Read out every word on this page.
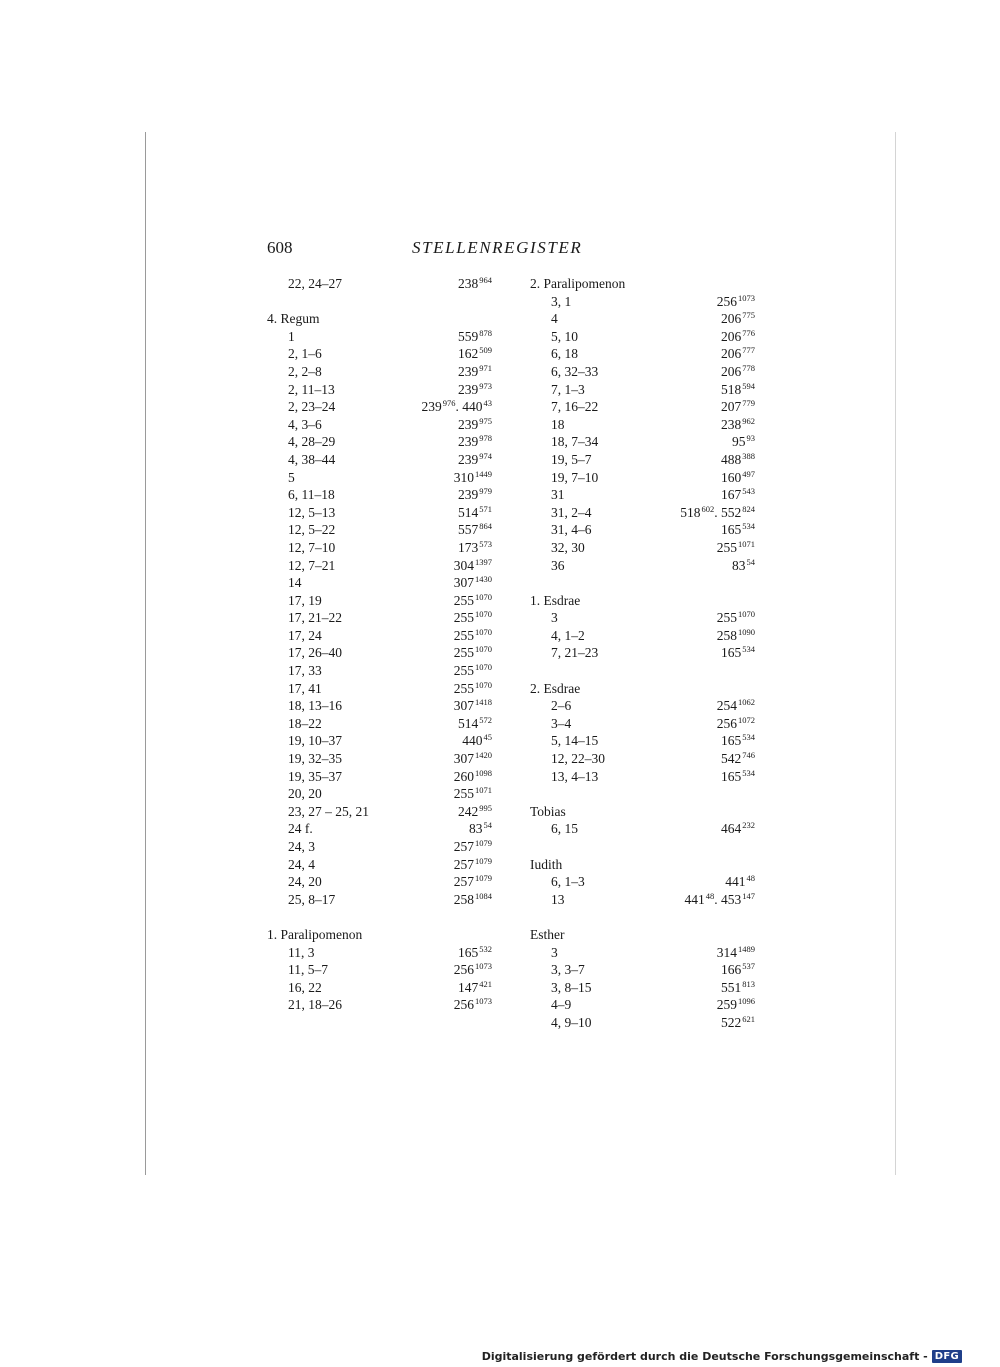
608	STELLENREGISTER
22, 24–27	$238^{964}$
4. Regum
1	$559^{878}$
2, 1–6	$162^{509}$
2, 2–8	$239^{971}$
2, 11–13	$239^{973}$
2, 23–24	$239^{976}$. $440^{43}$
4, 3–6	$239^{975}$
4, 28–29	$239^{978}$
4, 38–44	$239^{974}$
5	$310^{1449}$
6, 11–18	$239^{979}$
12, 5–13	$514^{571}$
12, 5–22	$557^{864}$
12, 7–10	$173^{573}$
12, 7–21	$304^{1397}$
14	$307^{1430}$
17, 19	$255^{1070}$
17, 21–22	$255^{1070}$
17, 24	$255^{1070}$
17, 26–40	$255^{1070}$
17, 33	$255^{1070}$
17, 41	$255^{1070}$
18, 13–16	$307^{1418}$
18–22	$514^{572}$
19, 10–37	$440^{45}$
19, 32–35	$307^{1420}$
19, 35–37	$260^{1098}$
20, 20	$255^{1071}$
23, 27 – 25, 21	$242^{995}$
24 f.	$83^{54}$
24, 3	$257^{1079}$
24, 4	$257^{1079}$
24, 20	$257^{1079}$
25, 8–17	$258^{1084}$
1. Paralipomenon
11, 3	$165^{532}$
11, 5–7	$256^{1073}$
16, 22	$147^{421}$
21, 18–26	$256^{1073}$
2. Paralipomenon
3, 1	$256^{1073}$
4	$206^{775}$
5, 10	$206^{776}$
6, 18	$206^{777}$
6, 32–33	$206^{778}$
7, 1–3	$518^{594}$
7, 16–22	$207^{779}$
18	$238^{962}$
18, 7–34	$95^{93}$
19, 5–7	$488^{388}$
19, 7–10	$160^{497}$
31	$167^{543}$
31, 2–4	$518^{602}$. $552^{824}$
31, 4–6	$165^{534}$
32, 30	$255^{1071}$
36	$83^{54}$
1. Esdrae
3	$255^{1070}$
4, 1–2	$258^{1090}$
7, 21–23	$165^{534}$
2. Esdrae
2–6	$254^{1062}$
3–4	$256^{1072}$
5, 14–15	$165^{534}$
12, 22–30	$542^{746}$
13, 4–13	$165^{534}$
Tobias
6, 15	$464^{232}$
Iudith
6, 1–3	$441^{48}$
13	$441^{48}$. $453^{147}$
Esther
3	$314^{1489}$
3, 3–7	$166^{537}$
3, 8–15	$551^{813}$
4–9	$259^{1096}$
4, 9–10	$522^{621}$
Digitalisierung gefördert durch die Deutsche Forschungsgemeinschaft - DFG
